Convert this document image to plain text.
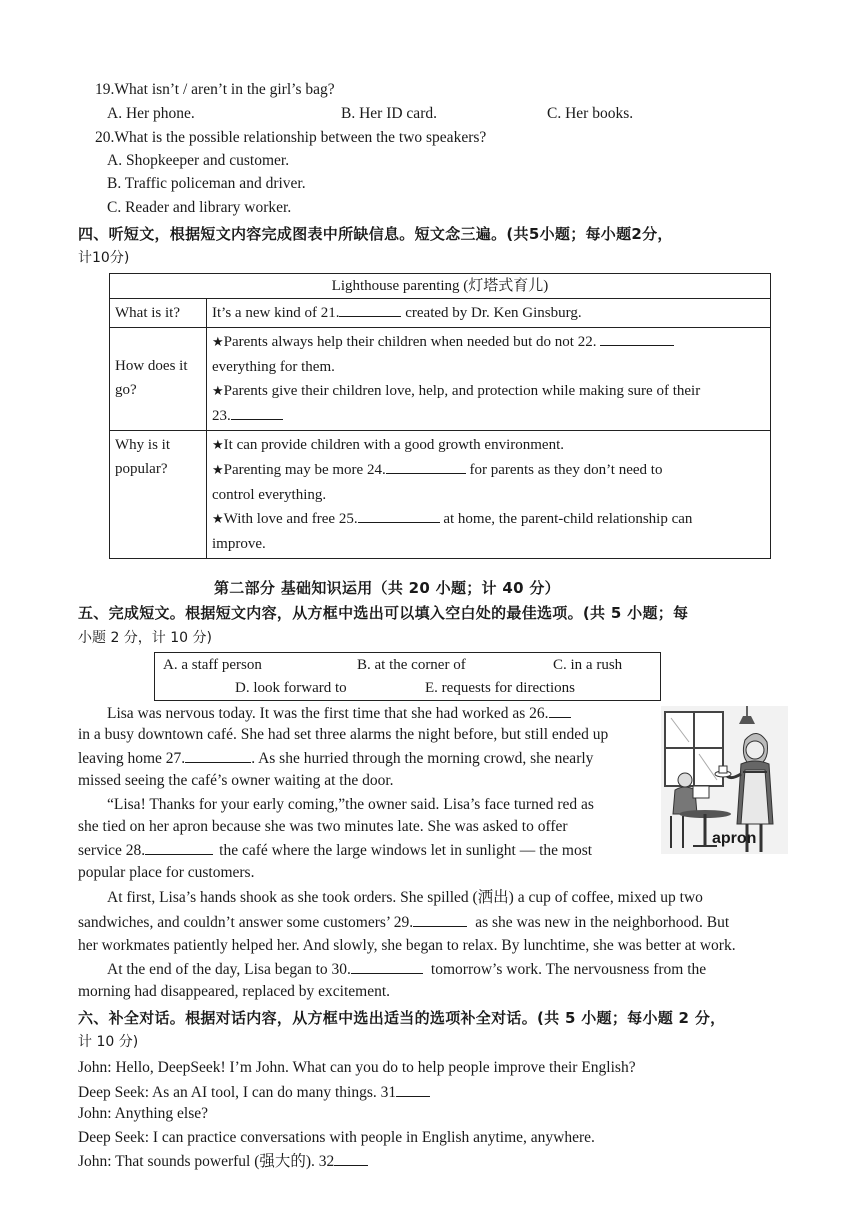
19.What isn’t / aren’t in the girl’s bag?
A. Her phone.	B. Her ID card.	C. Her books.
20.What is the possible relationship between the two speakers?
A. Shopkeeper and customer.
B. Traffic policeman and driver.
C. Reader and library worker.
四、听短文，根据短文内容完成图表中所缺信息。短文念三遍。(共5小题；每小题2分，
计10分)
Lighthouse parenting (灯塔式育儿)	
What is it?	It’s a new kind of 21. created by Dr. Ken Ginsburg.
How does it go?	★Parents always help their children when needed but do not 22.
everything for them.
★Parents give their children love, help, and protection while making sure of their
23.
Why is it popular?	★It can provide children with a good growth environment.
★Parenting may be more 24. for parents as they don’t need to
control everything.
★With love and free 25. at home, the parent-child relationship can
improve.
第二部分 基础知识运用（共 20 小题；计 40 分）
五、完成短文。根据短文内容，从方框中选出可以填入空白处的最佳选项。(共 5 小题；每
小题 2 分，计 10 分)
A. a staff person	B. at the corner of	C. in a rush
D. look forward to	E. requests for directions
Lisa was nervous today. It was the first time that she had worked as 26.
in a busy downtown café. She had set three alarms the night before, but still ended up
leaving home 27.	. As she hurried through the morning crowd, she nearly
missed seeing the café’s owner waiting at the door.
“Lisa! Thanks for your early coming,”the owner said. Lisa’s face turned red as
she tied on her apron because she was two minutes late. She was asked to offer
service 28.	the café where the large windows let in sunlight — the most
popular place for customers.
At first, Lisa’s hands shook as she took orders. She spilled (洒出) a cup of coffee, mixed up two
sandwiches, and couldn’t answer some customers’ 29.	as she was new in the neighborhood. But
her workmates patiently helped her. And slowly, she began to relax. By lunchtime, she was better at work.
At the end of the day, Lisa began to 30.	tomorrow’s work. The nervousness from the
morning had disappeared, replaced by excitement.
apron
六、补全对话。根据对话内容，从方框中选出适当的选项补全对话。(共 5 小题；每小题 2 分，
计 10 分)
John: Hello, DeepSeek! I’m John. What can you do to help people improve their English?
Deep Seek: As an AI tool, I can do many things. 31
John: Anything else?
Deep Seek: I can practice conversations with people in English anytime, anywhere.
John: That sounds powerful (强大的). 32
